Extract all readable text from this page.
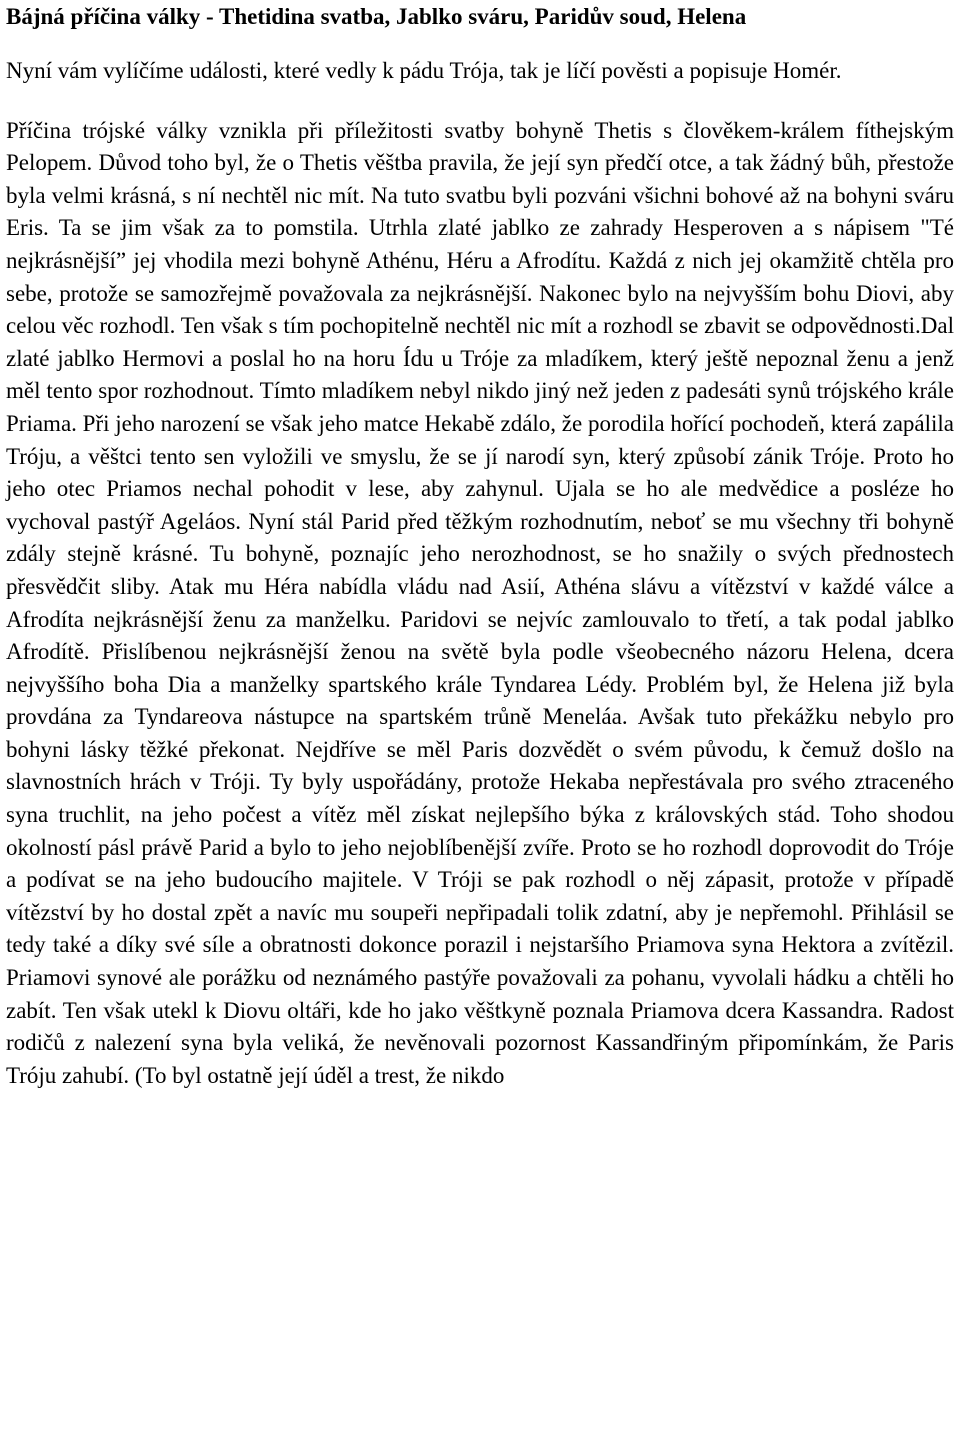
Bájná příčina války - Thetidina svatba, Jablko sváru, Paridův soud, Helena

Nyní vám vylíčíme události, které vedly k pádu Trója, tak je líčí pověsti a popisuje Homér.

Příčina trójské války vznikla při příležitosti svatby bohyně Thetis s člověkem-králem fíthejským Pelopem. Důvod toho byl, že o Thetis věštba pravila, že její syn předčí otce, a tak žádný bůh, přestože byla velmi krásná, s ní nechtěl nic mít. Na tuto svatbu byli pozváni všichni bohové až na bohyni sváru Eris. Ta se jim však za to pomstila. Utrhla zlaté jablko ze zahrady Hesperoven a s nápisem "Té nejkrásnější” jej vhodila mezi bohyně Athénu, Héru a Afrodítu. Každá z nich jej okamžitě chtěla pro sebe, protože se samozřejmě považovala za nejkrásnější. Nakonec bylo na nejvyšším bohu Diovi, aby celou věc rozhodl. Ten však s tím pochopitelně nechtěl nic mít a rozhodl se zbavit se odpovědnosti.Dal zlaté jablko Hermovi a poslal ho na horu Ídu u Tróje za mladíkem, který ještě nepoznal ženu a jenž měl tento spor rozhodnout. Tímto mladíkem nebyl nikdo jiný než jeden z padesáti synů trójského krále Priama. Při jeho narození se však jeho matce Hekabě zdálo, že porodila hořící pochodeň, která zapálila Tróju, a věštci tento sen vyložili ve smyslu, že se jí narodí syn, který způsobí zánik Tróje. Proto ho jeho otec Priamos nechal pohodit v lese, aby zahynul. Ujala se ho ale medvědice a posléze ho vychoval pastýř Ageláos. Nyní stál Parid před těžkým rozhodnutím, neboť se mu všechny tři bohyně zdály stejně krásné. Tu bohyně, poznajíc jeho nerozhodnost, se ho snažily o svých přednostech přesvědčit sliby. Atak mu Héra nabídla vládu nad Asií, Athéna slávu a vítězství v každé válce a Afrodíta nejkrásnější ženu za manželku. Paridovi se nejvíc zamlouvalo to třetí, a tak podal jablko Afrodítě. Přislíbenou nejkrásnější ženou na světě byla podle všeobecného názoru Helena, dcera nejvyššího boha Dia a manželky spartského krále Tyndarea Lédy. Problém byl, že Helena již byla provdána za Tyndareova nástupce na spartském trůně Meneláa. Avšak tuto překážku nebylo pro bohyni lásky těžké překonat. Nejdříve se měl Paris dozvědět o svém původu, k čemuž došlo na slavnostních hrách v Tróji. Ty byly uspořádány, protože Hekaba nepřestávala pro svého ztraceného syna truchlit, na jeho počest a vítěz měl získat nejlepšího býka z královských stád. Toho shodou okolností pásl právě Parid a bylo to jeho nejoblíbenější zvíře. Proto se ho rozhodl doprovodit do Tróje a podívat se na jeho budoucího majitele. V Tróji se pak rozhodl o něj zápasit, protože v případě vítězství by ho dostal zpět a navíc mu soupeři nepřipadali tolik zdatní, aby je nepřemohl. Přihlásil se tedy také a díky své síle a obratnosti dokonce porazil i nejstaršího Priamova syna Hektora a zvítězil. Priamovi synové ale porážku od neznámého pastýře považovali za pohanu, vyvolali hádku a chtěli ho zabít. Ten však utekl k Diovu oltáři, kde ho jako věštkyně poznala Priamova dcera Kassandra. Radost rodičů z nalezení syna byla veliká, že nevěnovali pozornost Kassandřiným připomínkám, že Paris Tróju zahubí. (To byl ostatně její úděl a trest, že nikdo
